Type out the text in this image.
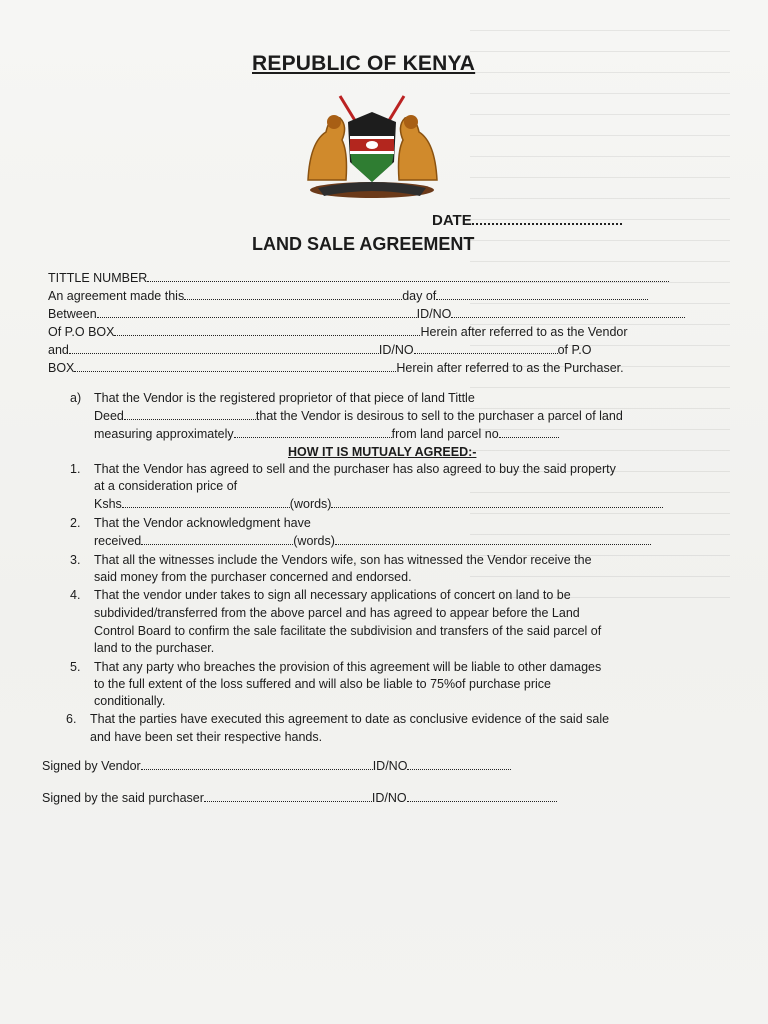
REPUBLIC OF KENYA
DATE
LAND SALE AGREEMENT
TITTLE NUMBER
An agreement made this	day of
Between	ID/NO
Of P.O BOX	Herein after referred to as the Vendor
and	ID/NO	of P.O
BOX	Herein after referred to as the Purchaser.
a) That the Vendor is the registered proprietor of that piece of land Tittle
Deed	that the Vendor is desirous to sell to the purchaser a parcel of land
measuring approximately	from land parcel no
HOW IT IS MUTUALY AGREED:-
1. That the Vendor has agreed to sell and the purchaser has also agreed to buy the said property
at a consideration price of
Kshs	(words)
2. That the Vendor acknowledgment have
received	(words)
3. That all the witnesses include the Vendors wife, son has witnessed the Vendor receive the
said money from the purchaser concerned and endorsed.
4. That the vendor under takes to sign all necessary applications of concert on land to be
subdivided/transferred from the above parcel and has agreed to appear before the Land
Control Board to confirm the sale facilitate the subdivision and transfers of the said parcel of
land to the purchaser.
5. That any party who breaches the provision of this agreement will be liable to other damages
to the full extent of the loss suffered and will also be liable to 75%of purchase price
conditionally.
6. That the parties have executed this agreement to date as conclusive evidence of the said sale
and have been set their respective hands.
Signed by Vendor	ID/NO
Signed by the said purchaser	ID/NO
